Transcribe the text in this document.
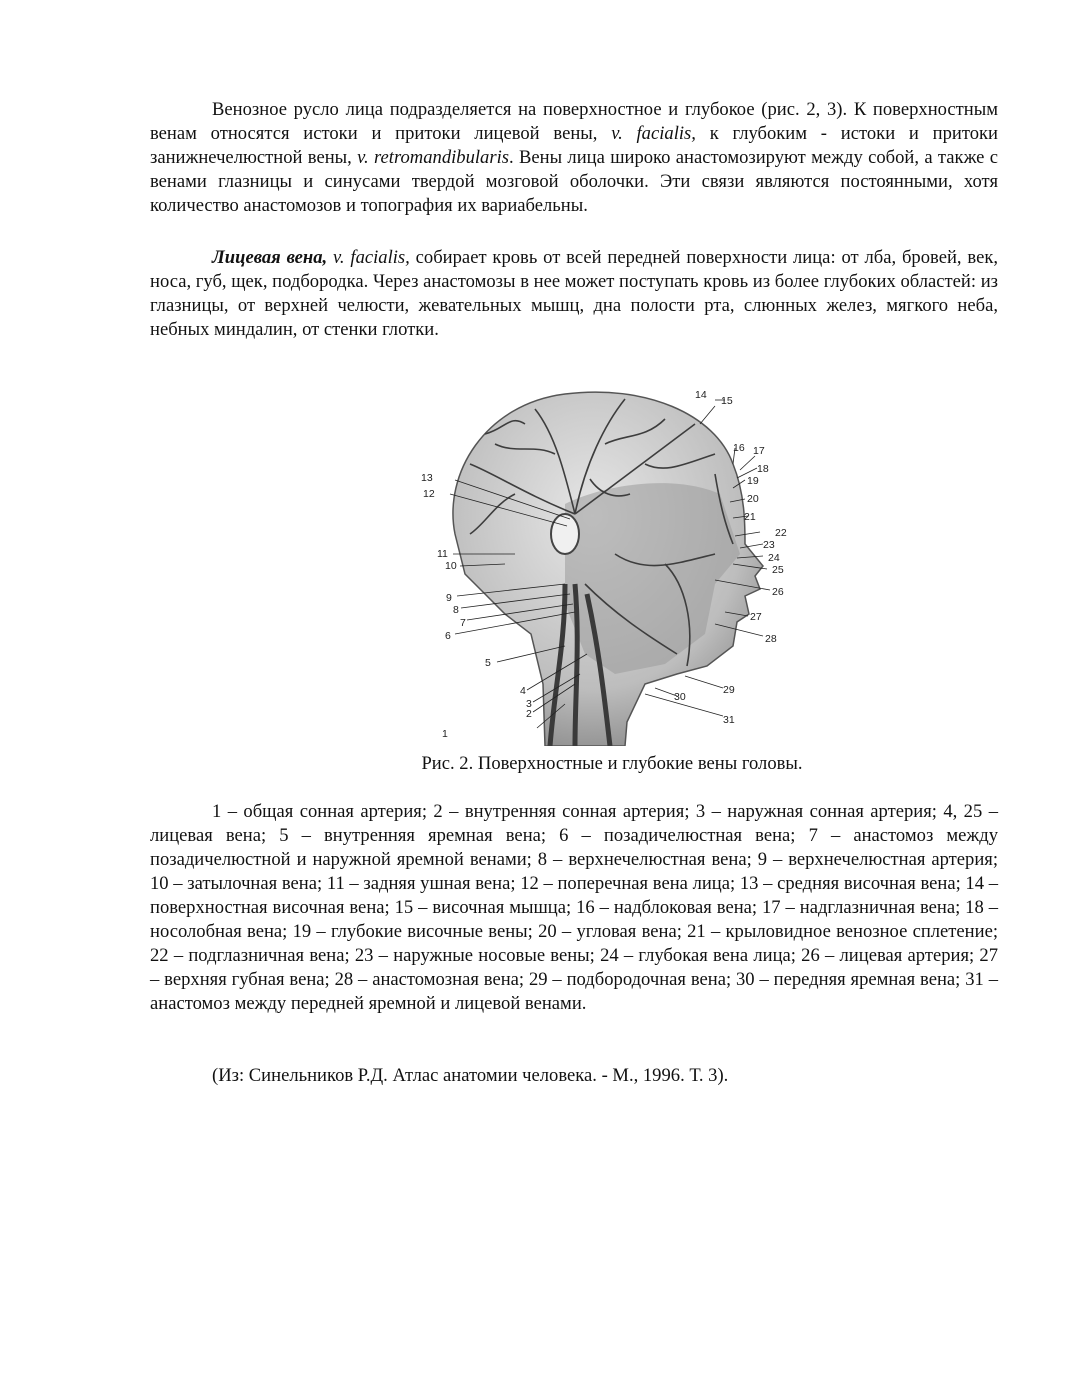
Венозное русло лица подразделяется на поверхностное и глубокое (рис. 2, 3). К поверхностным венам относятся истоки и притоки лицевой вены, v. facialis, к глубоким - истоки и притоки занижнечелюстной вены, v. retromandibularis. Вены лица широко анастомозируют между собой, а также с венами глазницы и синусами твердой мозговой оболочки. Эти связи являются постоянными, хотя количество анастомозов и топография их вариабельны.

Лицевая вена, v. facialis, собирает кровь от всей передней поверхности лица: от лба, бровей, век, носа, губ, щек, подбородка. Через анастомозы в нее может поступать кровь из более глубоких областей: из глазницы, от верхней челюсти, жевательных мышц, дна полости рта, слюнных желез, мягкого неба, небных миндалин, от стенки глотки.

1
2
3
4
5
6
7
8
9
10
11
12
13
14 15
16 17
18
19
20
21
22
23
24
25
26
27
28
29
30
31
Рис. 2. Поверхностные и глубокие вены головы.

1 – общая сонная артерия; 2 – внутренняя сонная артерия; 3 – наружная сонная артерия; 4, 25 – лицевая вена; 5 – внутренняя яремная вена; 6 – позадичелюстная вена; 7 – анастомоз между позадичелюстной и наружной яремной венами; 8 – верхнечелюстная вена; 9 – верхнечелюстная артерия; 10 – затылочная вена; 11 – задняя ушная вена; 12 – поперечная вена лица; 13 – средняя височная вена; 14 – поверхностная височная вена; 15 – височная мышца; 16 – надблоковая вена; 17 – надглазничная вена; 18 – носолобная вена; 19 – глубокие височные вены; 20 – угловая вена; 21 – крыловидное венозное сплетение; 22 – подглазничная вена; 23 – наружные носовые вены; 24 – глубокая вена лица; 26 – лицевая артерия; 27 – верхняя губная вена; 28 – анастомозная вена; 29 – подбородочная вена; 30 – передняя яремная вена; 31 – анастомоз между передней яремной и лицевой венами.

(Из: Синельников Р.Д. Атлас анатомии человека. - М., 1996. Т. 3).
